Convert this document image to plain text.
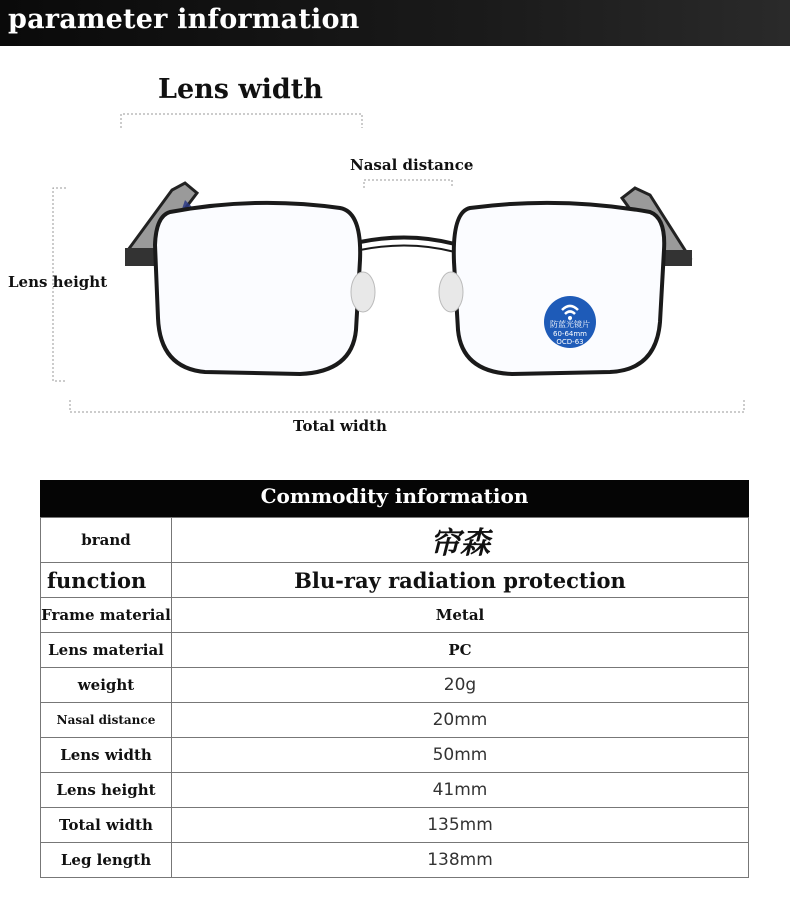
parameter information
防蓝光镜片
60-64mm
OCD-63
Lens width
Nasal distance
Lens height
Total width
Commodity information
brand	帘森
function	Blu-ray radiation protection
Frame material	Metal
Lens material	PC
weight	20g
Nasal distance	20mm
Lens width	50mm
Lens height	41mm
Total width	135mm
Leg length	138mm
